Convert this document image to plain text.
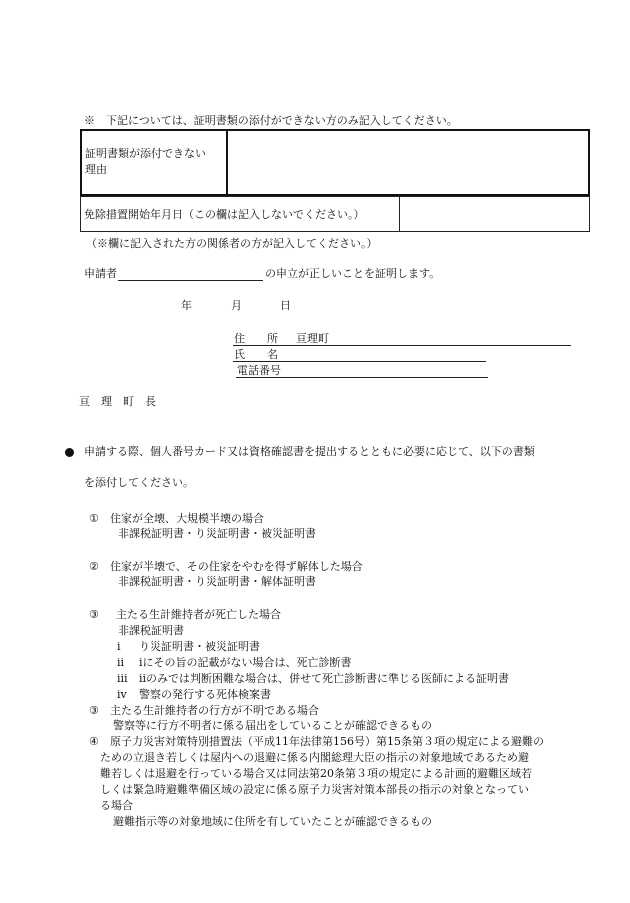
※　下記については、証明書類の添付ができない方のみ記入してください。
証明書類が添付できない
理由
免除措置開始年月日（この欄は記入しないでください。）
（※欄に記入された方の関係者の方が記入してください。）
申請者	の申立が正しいことを証明します。
年	月	日
住　　所 亘理町
氏　　名
電話番号
亘　理　町　長
申請する際、個人番号カード又は資格確認書を提出するとともに必要に応じて、以下の書類
を添付してください。
① 住家が全壊、大規模半壊の場合
非課税証明書・り災証明書・被災証明書
② 住家が半壊で、その住家をやむを得ず解体した場合
非課税証明書・り災証明書・解体証明書
③ 主たる生計維持者が死亡した場合
非課税証明書
ⅰ り災証明書・被災証明書
ⅱ ⅰにその旨の記載がない場合は、死亡診断書
ⅲ ⅱのみでは判断困難な場合は、併せて死亡診断書に準じる医師による証明書
ⅳ 警察の発行する死体検案書
③ 主たる生計維持者の行方が不明である場合
警察等に行方不明者に係る届出をしていることが確認できるもの
④ 原子力災害対策特別措置法（平成11年法律第156号）第15条第３項の規定による避難の
ための立退き若しくは屋内への退避に係る内閣総理大臣の指示の対象地域であるため避
難若しくは退避を行っている場合又は同法第20条第３項の規定による計画的避難区域若
しくは緊急時避難準備区域の設定に係る原子力災害対策本部長の指示の対象となってい
る場合
避難指示等の対象地域に住所を有していたことが確認できるもの
